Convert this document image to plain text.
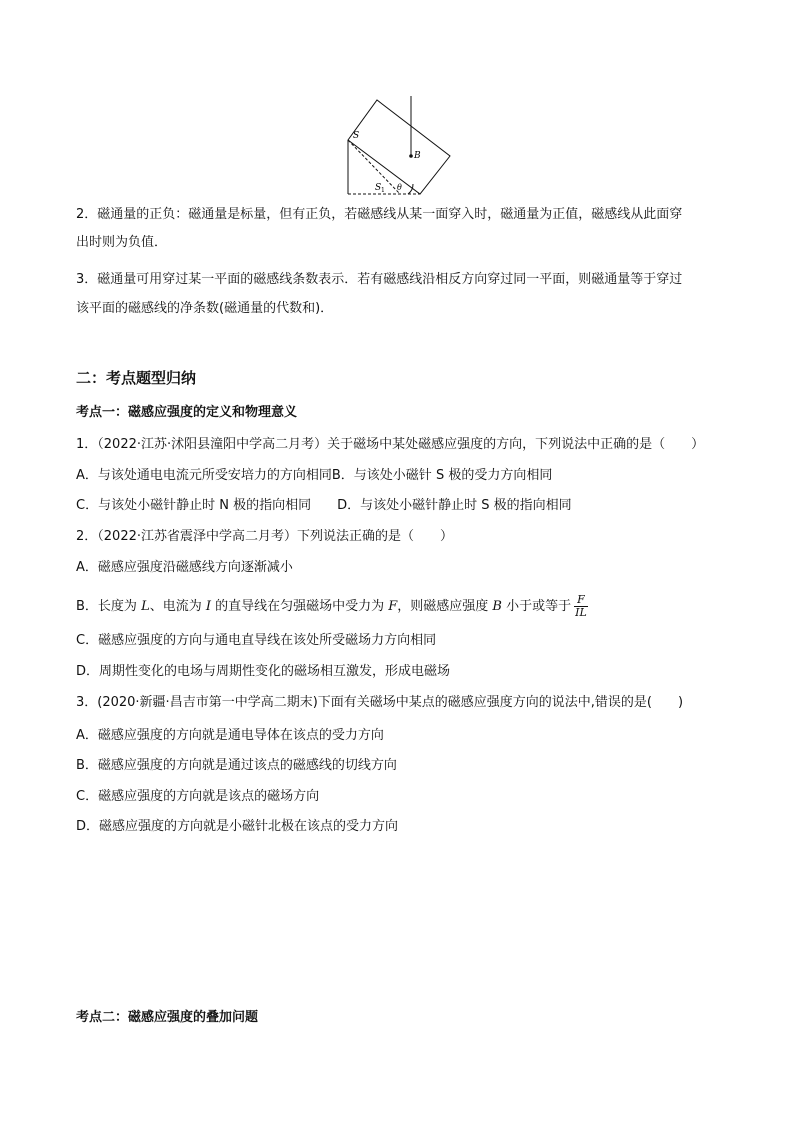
S
B
S 1 θ
2．磁通量的正负：磁通量是标量，但有正负，若磁感线从某一面穿入时，磁通量为正值，磁感线从此面穿
出时则为负值．
3．磁通量可用穿过某一平面的磁感线条数表示．若有磁感线沿相反方向穿过同一平面，则磁通量等于穿过
该平面的磁感线的净条数(磁通量的代数和)．
二：考点题型归纳
考点一：磁感应强度的定义和物理意义
1．（2022·江苏·沭阳县潼阳中学高二月考）关于磁场中某处磁感应强度的方向，下列说法中正确的是（　　）
A．与该处通电电流元所受安培力的方向相同B．与该处小磁针 S 极的受力方向相同
C．与该处小磁针静止时 N 极的指向相同　　D．与该处小磁针静止时 S 极的指向相同
2．（2022·江苏省震泽中学高二月考）下列说法正确的是（　　）
A．磁感应强度沿磁感线方向逐渐减小
B．长度为 L、电流为 I 的直导线在匀强磁场中受力为 F，则磁感应强度 B 小于或等于 $\frac{F}{IL}$
C．磁感应强度的方向与通电直导线在该处所受磁场力方向相同
D．周期性变化的电场与周期性变化的磁场相互激发，形成电磁场
3．(2020·新疆·昌吉市第一中学高二期末)下面有关磁场中某点的磁感应强度方向的说法中,错误的是(　　)
A．磁感应强度的方向就是通电导体在该点的受力方向
B．磁感应强度的方向就是通过该点的磁感线的切线方向
C．磁感应强度的方向就是该点的磁场方向
D．磁感应强度的方向就是小磁针北极在该点的受力方向
考点二：磁感应强度的叠加问题
